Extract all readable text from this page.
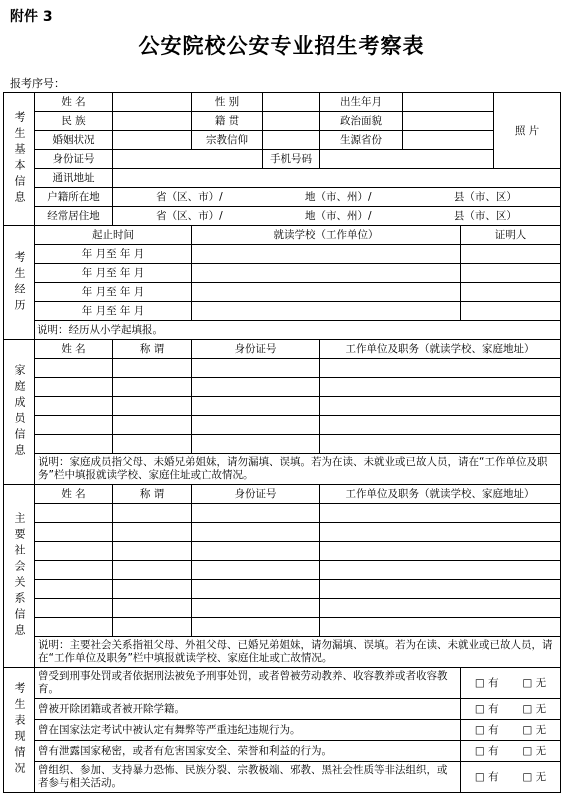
附件 3
公安院校公安专业招生考察表
报考序号：
考生基本信息	姓 名		性 别		出生年月			照 片
	民 族		籍 贯		政治面貌			
	婚姻状况		宗教信仰		生源省份			
	身份证号			手机号码				
	通讯地址							
	户籍所在地	省（区、市）/ 地（市、州）/ 县（市、区）						

	经常居住地	省（区、市）/ 地（市、州）/ 县（市、区）						

考生经历	起止时间		就读学校（工作单位）				证明人	
	年 月至 年 月							
	年 月至 年 月							
	年 月至 年 月							
	年 月至 年 月							
	说明：经历从小学起填报。							
家庭成员信息	姓 名	称 谓	身份证号		工作单位及职务（就读学校、家庭地址）			

	说明：家庭成员指父母、未婚兄弟姐妹，请勿漏填、误填。若为在读、未就业或已故人员，请在“工作单位及职务”栏中填报就读学校、家庭住址或亡故情况。							
主要社会关系信息	姓 名	称 谓	身份证号		工作单位及职务（就读学校、家庭地址）			

	说明：主要社会关系指祖父母、外祖父母、已婚兄弟姐妹，请勿漏填、误填。若为在读、未就业或已故人员，请在“工作单位及职务”栏中填报就读学校、家庭住址或亡故情况。							
考生表现情况	曾受到刑事处罚或者依据刑法被免予刑事处罚，或者曾被劳动教养、收容教养或者收容教育。						□ 有 □ 无	

	曾被开除团籍或者被开除学籍。						□ 有 □ 无	

	曾在国家法定考试中被认定有舞弊等严重违纪违规行为。						□ 有 □ 无	

	曾有泄露国家秘密，或者有危害国家安全、荣誉和利益的行为。						□ 有 □ 无	

	曾组织、参加、支持暴力恐怖、民族分裂、宗教极端、邪教、黑社会性质等非法组织，或者参与相关活动。						□ 有 □ 无	
